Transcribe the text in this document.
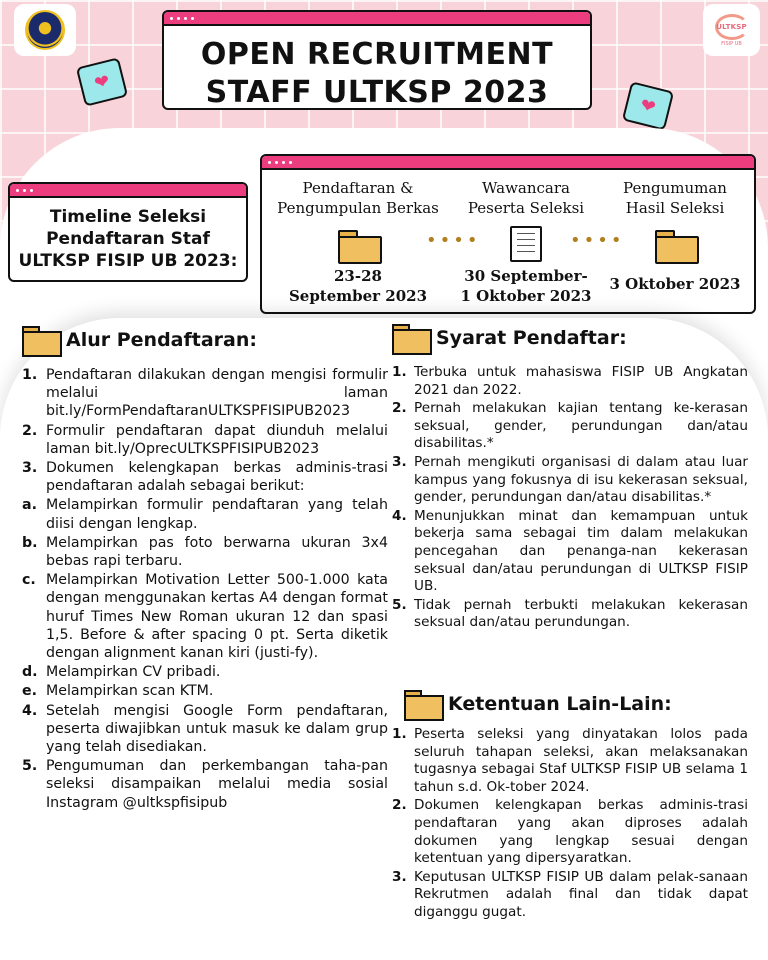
ULTKSP
FISIP UB
OPEN RECRUITMENT
STAFF ULTKSP 2023
❤
❤
Timeline Seleksi Pendaftaran Staf ULTKSP FISIP UB 2023:
Pendaftaran &
Pengumpulan Berkas
23-28
September 2023
••••
Wawancara
Peserta Seleksi
30 September-
1 Oktober 2023
••••
Pengumuman
Hasil Seleksi
3 Oktober 2023
Alur Pendaftaran:
1. Pendaftaran dilakukan dengan mengisi formulir melalui laman bit.ly/FormPendaftaranULTKSPFISIPUB2023
2. Formulir pendaftaran dapat diunduh melalui laman bit.ly/OprecULTKSPFISIPUB2023
3. Dokumen kelengkapan berkas adminis-trasi pendaftaran adalah sebagai berikut:
a. Melampirkan formulir pendaftaran yang telah diisi dengan lengkap.
b. Melampirkan pas foto berwarna ukuran 3x4 bebas rapi terbaru.
c. Melampirkan Motivation Letter 500-1.000 kata dengan menggunakan kertas A4 dengan format huruf Times New Roman ukuran 12 dan spasi 1,5. Before & after spacing 0 pt. Serta diketik dengan alignment kanan kiri (justi-fy).
d. Melampirkan CV pribadi.
e. Melampirkan scan KTM.
4. Setelah mengisi Google Form pendaftaran, peserta diwajibkan untuk masuk ke dalam grup yang telah disediakan.
5. Pengumuman dan perkembangan taha-pan seleksi disampaikan melalui media sosial Instagram @ultkspfisipub
Syarat Pendaftar:
1. Terbuka untuk mahasiswa FISIP UB Angkatan 2021 dan 2022.
2. Pernah melakukan kajian tentang ke-kerasan seksual, gender, perundungan dan/atau disabilitas.*
3. Pernah mengikuti organisasi di dalam atau luar kampus yang fokusnya di isu kekerasan seksual, gender, perundungan dan/atau disabilitas.*
4. Menunjukkan minat dan kemampuan untuk bekerja sama sebagai tim dalam melakukan pencegahan dan penanga-nan kekerasan seksual dan/atau perundungan di ULTKSP FISIP UB.
5. Tidak pernah terbukti melakukan kekerasan seksual dan/atau perundungan.
Ketentuan Lain-Lain:
1. Peserta seleksi yang dinyatakan lolos pada seluruh tahapan seleksi, akan melaksanakan tugasnya sebagai Staf ULTKSP FISIP UB selama 1 tahun s.d. Ok-tober 2024.
2. Dokumen kelengkapan berkas adminis-trasi pendaftaran yang akan diproses adalah dokumen yang lengkap sesuai dengan ketentuan yang dipersyaratkan.
3. Keputusan ULTKSP FISIP UB dalam pelak-sanaan Rekrutmen adalah final dan tidak dapat diganggu gugat.
